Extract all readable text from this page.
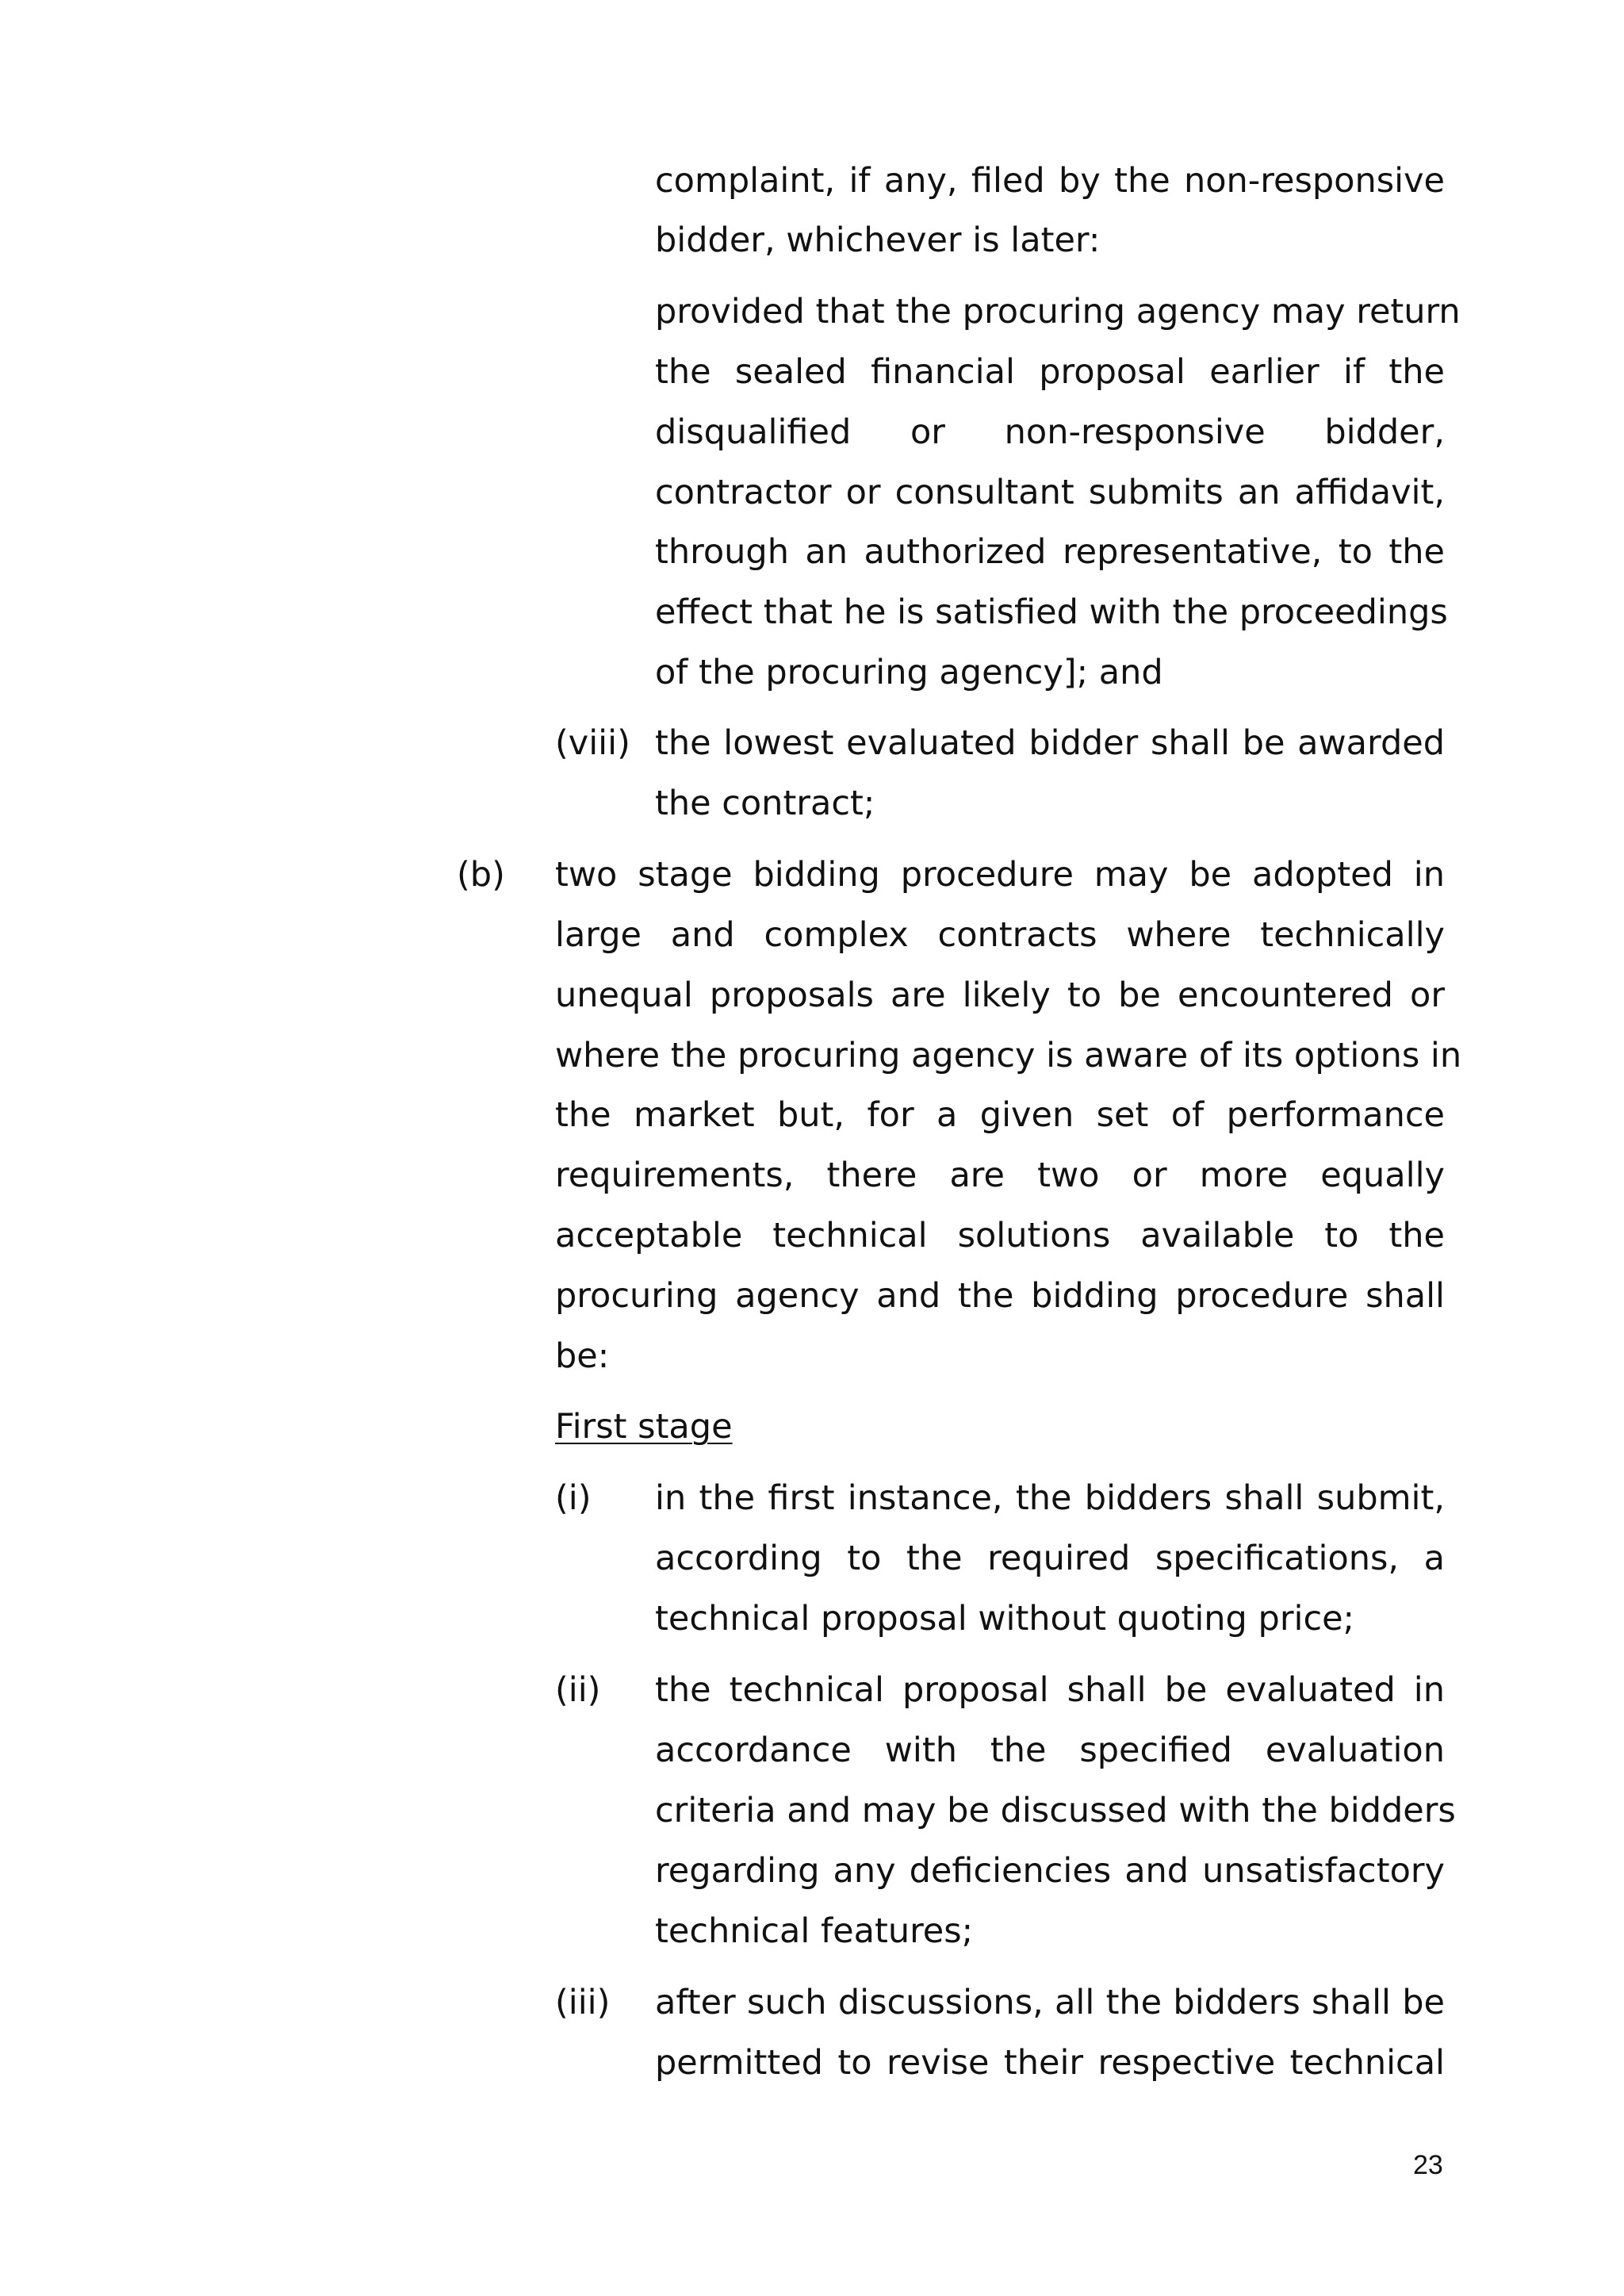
complaint, if any, filed by the non-responsive
bidder, whichever is later:
provided that the procuring agency may return
the sealed financial proposal earlier if the
disqualified or non-responsive bidder,
contractor or consultant submits an affidavit,
through an authorized representative, to the
effect that he is satisfied with the proceedings
of the procuring agency]; and
(viii) the lowest evaluated bidder shall be awarded
the contract;
(b) two stage bidding procedure may be adopted in
large and complex contracts where technically
unequal proposals are likely to be encountered or
where the procuring agency is aware of its options in
the market but, for a given set of performance
requirements, there are two or more equally
acceptable technical solutions available to the
procuring agency and the bidding procedure shall
be:
First stage
(i) in the first instance, the bidders shall submit,
according to the required specifications, a
technical proposal without quoting price;
(ii) the technical proposal shall be evaluated in
accordance with the specified evaluation
criteria and may be discussed with the bidders
regarding any deficiencies and unsatisfactory
technical features;
(iii) after such discussions, all the bidders shall be
permitted to revise their respective technical
23
